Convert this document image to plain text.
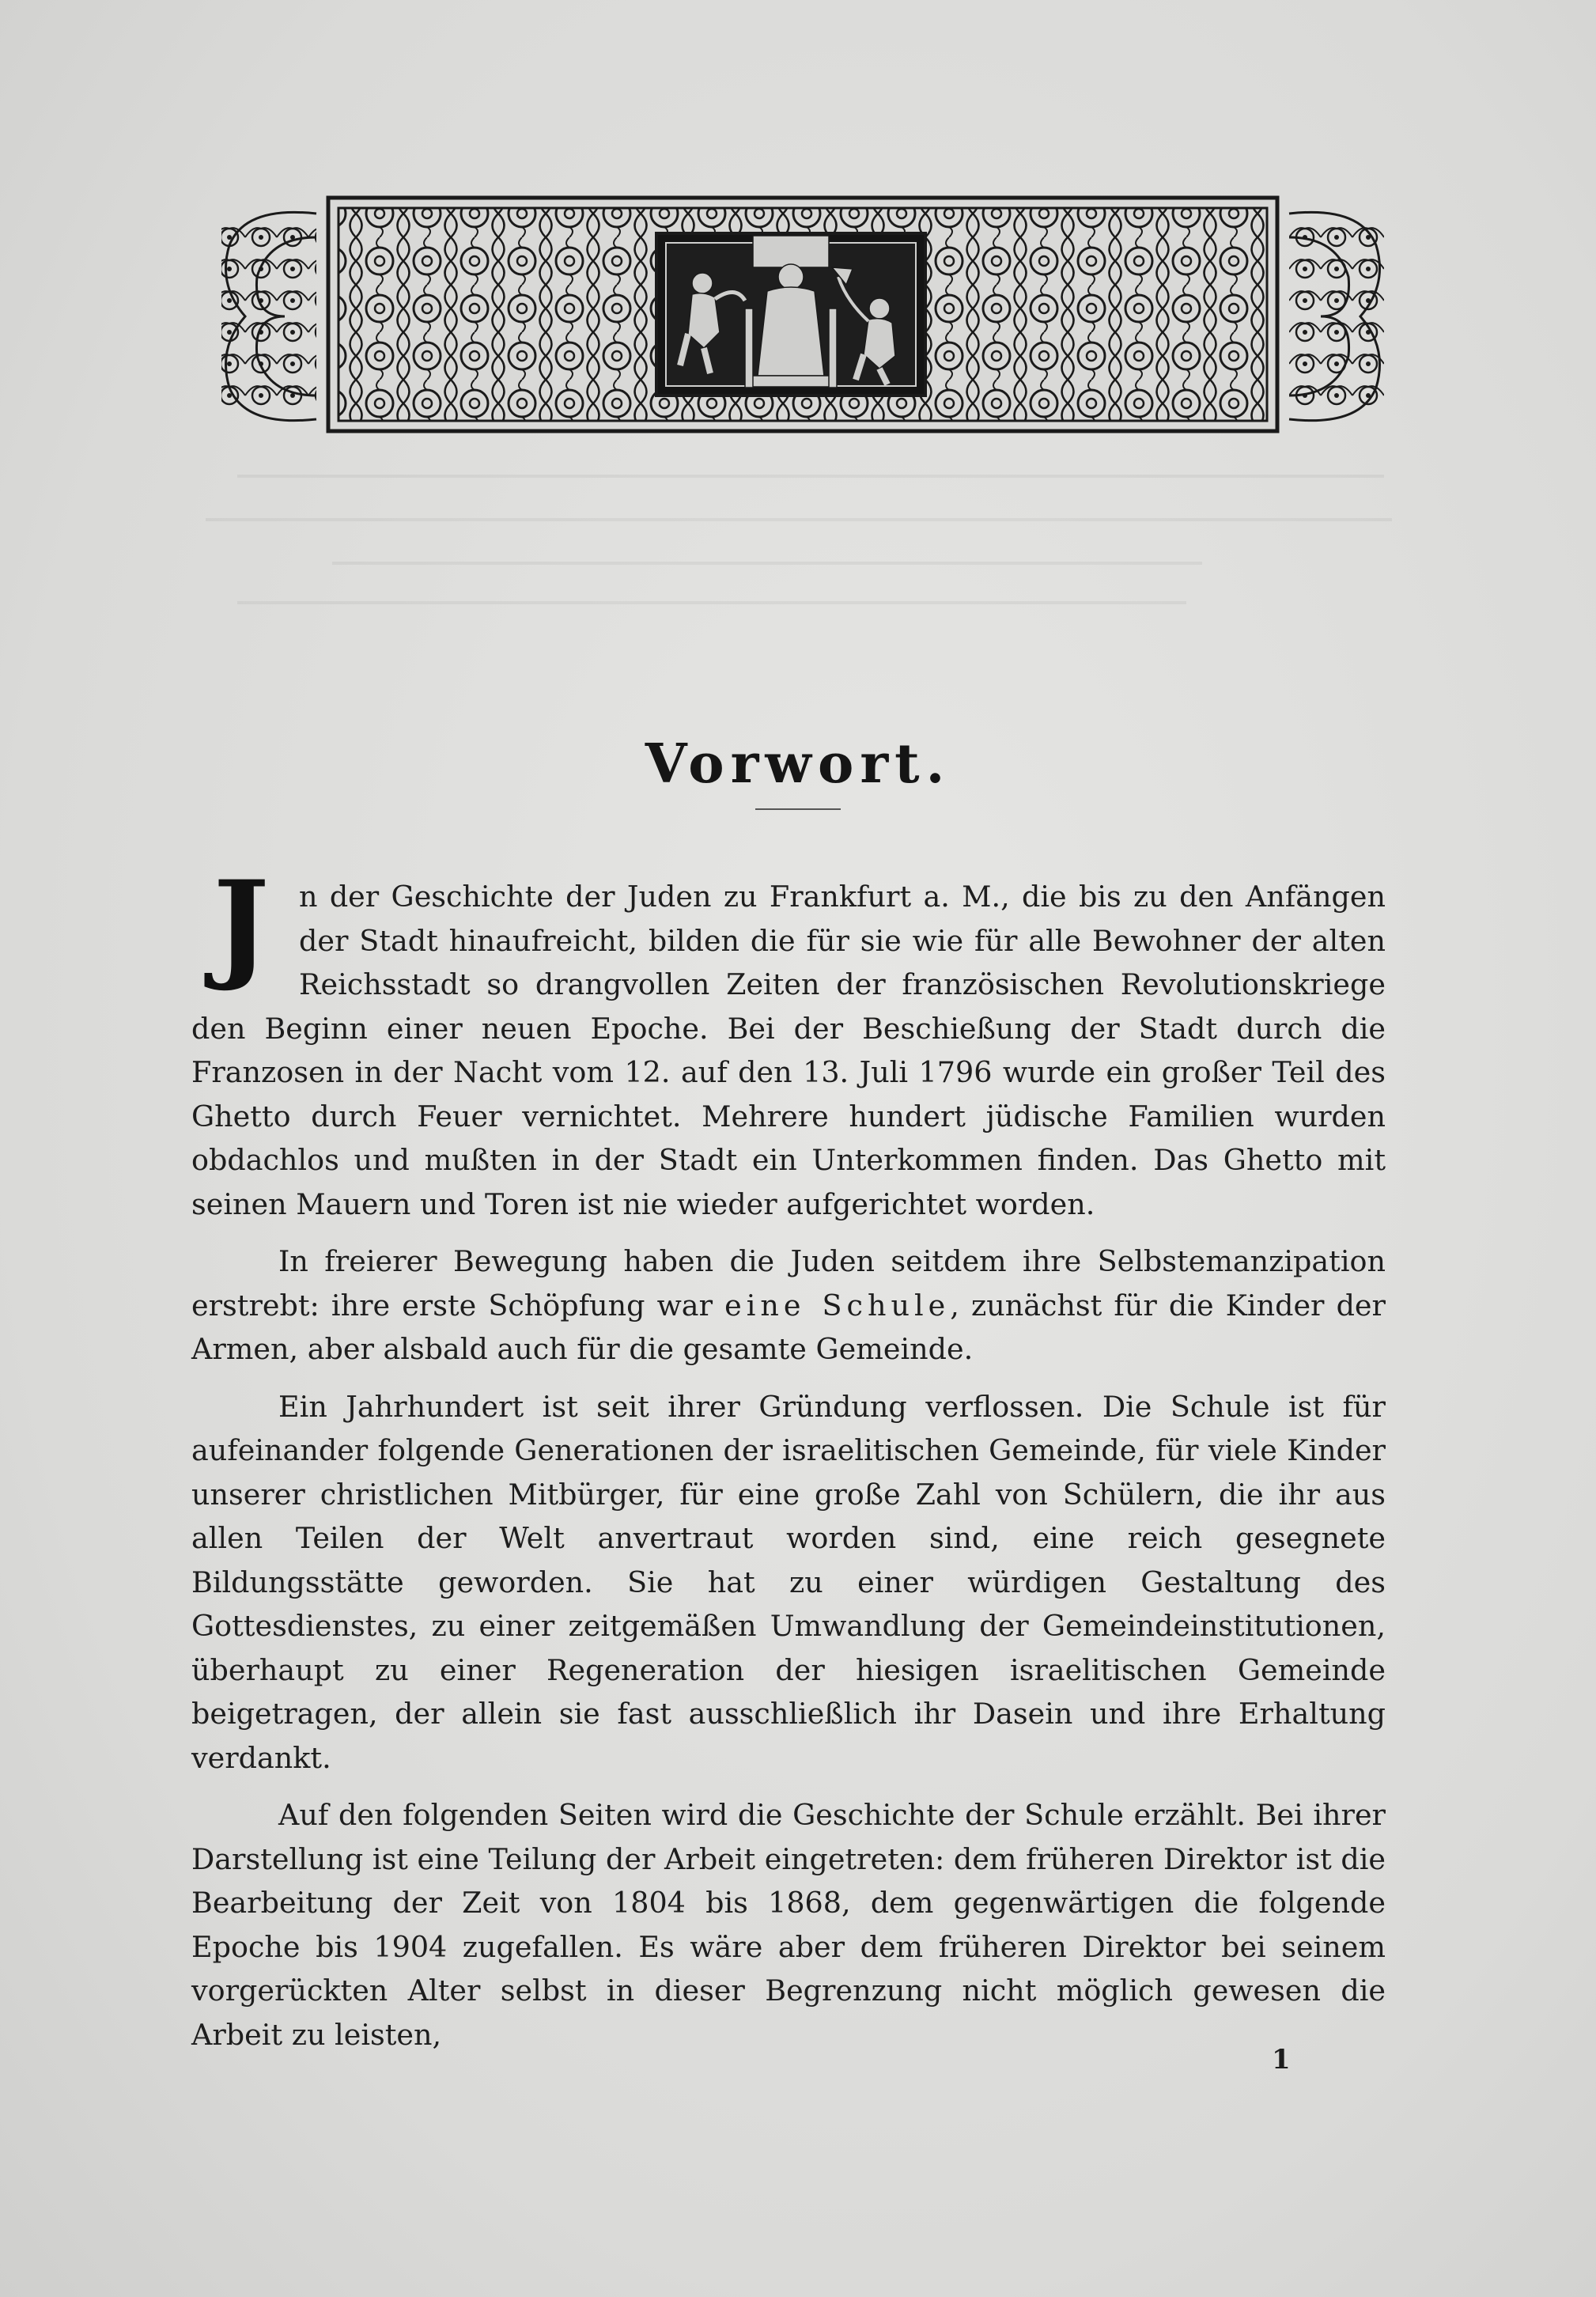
Vorwort.

J	n der Geschichte der Juden zu Frankfurt a. M., die bis zu den Anfängen der Stadt hinaufreicht, bilden die für sie wie für alle Bewohner der alten Reichsstadt so drangvollen Zeiten der französischen Revolutionskriege den Beginn einer neuen Epoche. Bei der Beschießung der Stadt durch die Franzosen in der Nacht vom 12. auf den 13. Juli 1796 wurde ein großer Teil des Ghetto durch Feuer vernichtet. Mehrere hundert jüdische Familien wurden obdachlos und mußten in der Stadt ein Unterkommen finden. Das Ghetto mit seinen Mauern und Toren ist nie wieder aufgerichtet worden.

In freierer Bewegung haben die Juden seitdem ihre Selbstemanzipation erstrebt: ihre erste Schöpfung war eine Schule, zunächst für die Kinder der Armen, aber alsbald auch für die gesamte Gemeinde.

Ein Jahrhundert ist seit ihrer Gründung verflossen. Die Schule ist für aufeinander folgende Generationen der israelitischen Gemeinde, für viele Kinder unserer christlichen Mitbürger, für eine große Zahl von Schülern, die ihr aus allen Teilen der Welt anvertraut worden sind, eine reich gesegnete Bildungsstätte geworden. Sie hat zu einer würdigen Gestaltung des Gottesdienstes, zu einer zeitgemäßen Umwandlung der Gemeindeinstitutionen, überhaupt zu einer Regeneration der hiesigen israelitischen Gemeinde beigetragen, der allein sie fast ausschließlich ihr Dasein und ihre Erhaltung verdankt.

Auf den folgenden Seiten wird die Geschichte der Schule erzählt. Bei ihrer Darstellung ist eine Teilung der Arbeit eingetreten: dem früheren Direktor ist die Bearbeitung der Zeit von 1804 bis 1868, dem gegenwärtigen die folgende Epoche bis 1904 zugefallen. Es wäre aber dem früheren Direktor bei seinem vorgerückten Alter selbst in dieser Begrenzung nicht möglich gewesen die Arbeit zu leisten,

1
